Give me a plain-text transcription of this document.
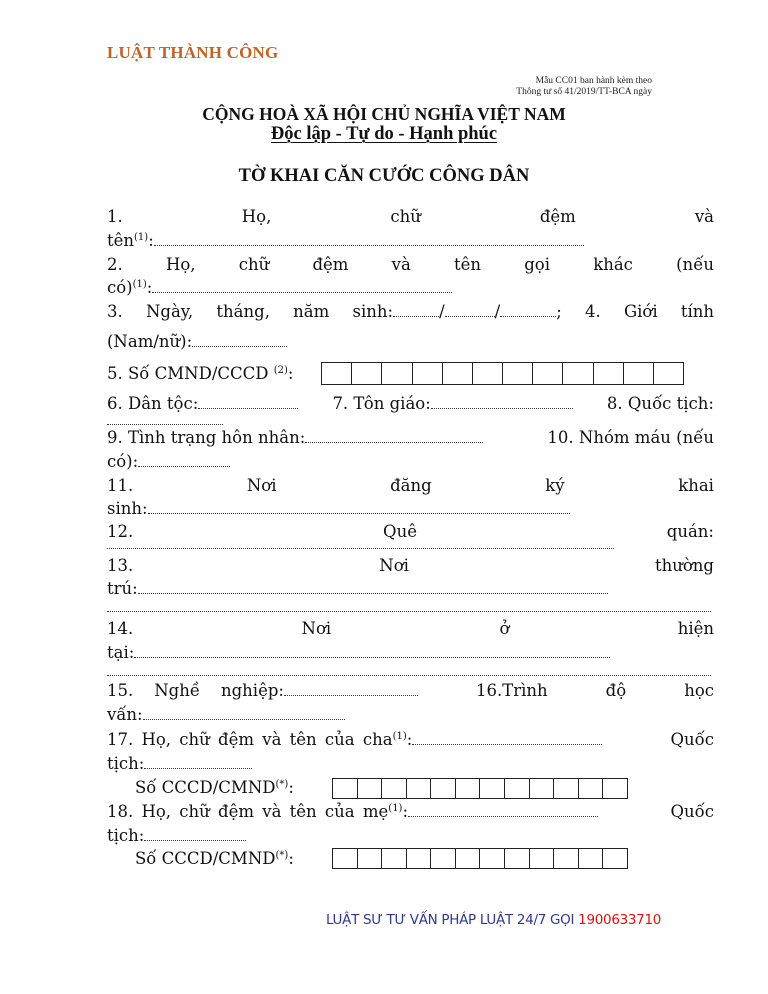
LUẬT THÀNH CÔNG
Mẫu CC01 ban hành kèm theo
Thông tư số 41/2019/TT-BCA ngày
CỘNG HOÀ XÃ HỘI CHỦ NGHĨA VIỆT NAM
Độc lập - Tự do - Hạnh phúc
TỜ KHAI CĂN CƯỚC CÔNG DÂN
1.	Họ,	chữ	đệm	và
tên$^{(1)}$:
2.	Họ,	chữ	đệm	và	tên	gọi	khác	(nếu
có)$^{(1)}$:
3. Ngày, tháng, năm sinh:	/	/	; 4. Giới tính
(Nam/nữ):
5. Số CMND/CCCD $^{(2)}$:
6. Dân tộc:	7. Tôn giáo:	8. Quốc tịch:
9. Tình trạng hôn nhân:	10. Nhóm máu (nếu
có):
11.	Nơi	đăng	ký	khai
sinh:
12.	Quê	quán:
13.	Nơi	thường
trú:
14.	Nơi	ở	hiện
tại:
15.    Nghề    nghiệp:	16.Trình	độ	học
vấn:
17. Họ, chữ đệm và tên của cha$^{(1)}$:	Quốc
tịch:
Số CCCD/CMND(*):
18. Họ, chữ đệm và tên của mẹ$^{(1)}$:	Quốc
tịch:
Số CCCD/CMND(*):
LUẬT SƯ TƯ VẤN PHÁP LUẬT 24/7 GỌI 1900633710
